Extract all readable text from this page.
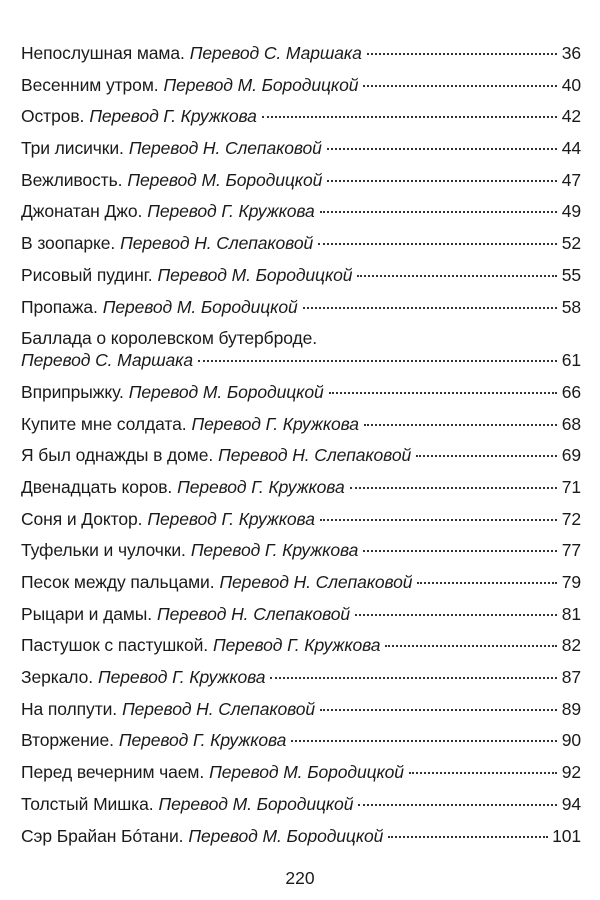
Непослушная мама. Перевод С. Маршака	36
Весенним утром. Перевод М. Бородицкой	40
Остров. Перевод Г. Кружкова	42
Три лисички. Перевод Н. Слепаковой	44
Вежливость. Перевод М. Бородицкой	47
Джонатан Джо. Перевод Г. Кружкова	49
В зоопарке. Перевод Н. Слепаковой	52
Рисовый пудинг. Перевод М. Бородицкой	55
Пропажа. Перевод М. Бородицкой	58
Баллада о королевском бутерброде.
Перевод С. Маршака	61
Вприпрыжку. Перевод М. Бородицкой	66
Купите мне солдата. Перевод Г. Кружкова	68
Я был однажды в доме. Перевод Н. Слепаковой	69
Двенадцать коров. Перевод Г. Кружкова	71
Соня и Доктор. Перевод Г. Кружкова	72
Туфельки и чулочки. Перевод Г. Кружкова	77
Песок между пальцами. Перевод Н. Слепаковой	79
Рыцари и дамы. Перевод Н. Слепаковой	81
Пастушок с пастушкой. Перевод Г. Кружкова	82
Зеркало. Перевод Г. Кружкова	87
На полпути. Перевод Н. Слепаковой	89
Вторжение. Перевод Г. Кружкова	90
Перед вечерним чаем. Перевод М. Бородицкой	92
Толстый Мишка. Перевод М. Бородицкой	94
Сэр Брайан Бóтани. Перевод М. Бородицкой	101
220
